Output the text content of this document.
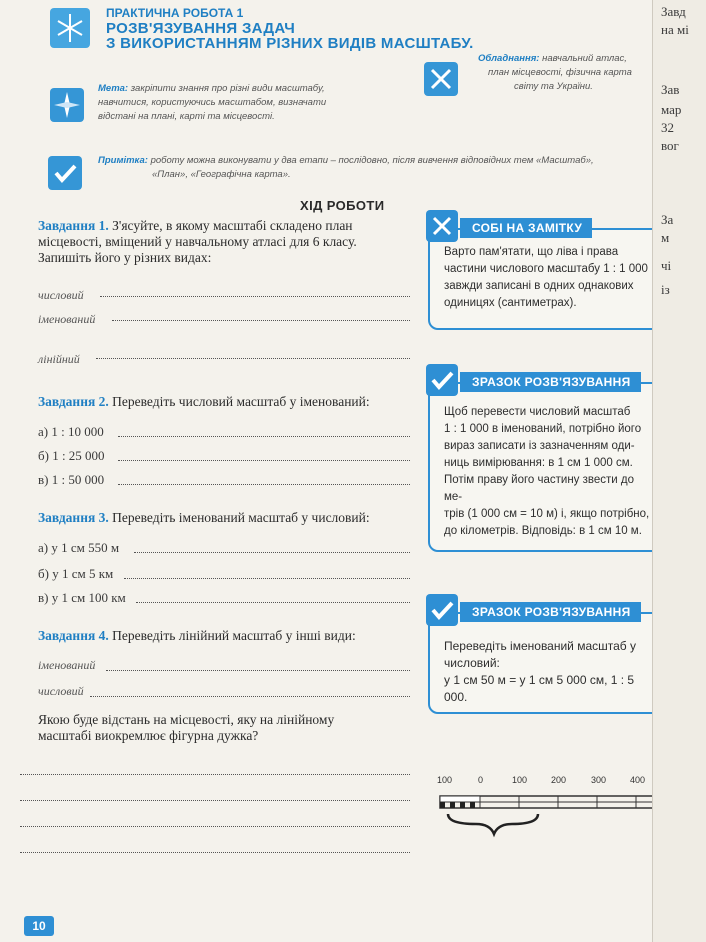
ПРАКТИЧНА РОБОТА 1
РОЗВ'ЯЗУВАННЯ ЗАДАЧ
З ВИКОРИСТАННЯМ РІЗНИХ ВИДІВ МАСШТАБУ.
Мета: закріпити знання про різні види масштабу,
навчитися, користуючись масштабом, визначати
відстані на плані, карті та місцевості.
Обладнання: навчальний атлас,
план місцевості, фізична карта
світу та України.
Примітка: роботу можна виконувати у два етапи – послідовно, після вивчення відповідних тем «Масштаб»,
«План», «Географічна карта».
ХІД РОБОТИ
Завдання 1. З'ясуйте, в якому масштабі складено план
місцевості, вміщений у навчальному атласі для 6 класу.
Запишіть його у різних видах:
числовий
іменований
лінійний
Завдання 2. Переведіть числовий масштаб у іменований:
а) 1 : 10 000
б) 1 : 25 000
в) 1 : 50 000
Завдання 3. Переведіть іменований масштаб у числовий:
а) у 1 см 550 м
б) у 1 см 5 км
в) у 1 см 100 км
Завдання 4. Переведіть лінійний масштаб у інші види:
іменований
числовий
Якою буде відстань на місцевості, яку на лінійному
масштабі виокремлює фігурна дужка?
СОБІ НА ЗАМІТКУ
Варто пам'ятати, що ліва і права
частини числового масштабу 1 : 1 000
завжди записані в одних однакових
одиницях (сантиметрах).
ЗРАЗОК РОЗВ'ЯЗУВАННЯ
Щоб перевести числовий масштаб
1 : 1 000 в іменований, потрібно його
вираз записати із зазначенням оди-
ниць вимірювання: в 1 см 1 000 см.
Потім праву його частину звести до ме-
трів (1 000 см = 10 м) і, якщо потрібно,
до кілометрів. Відповідь: в 1 см 10 м.
ЗРАЗОК РОЗВ'ЯЗУВАННЯ
Переведіть іменований масштаб у
числовий:
у 1 см 50 м = у 1 см 5 000 см, 1 : 5 000.
100	0	100	200	300	400
10
Завд
на мі
Зав
мар
32
вог
За
м
чі
із
